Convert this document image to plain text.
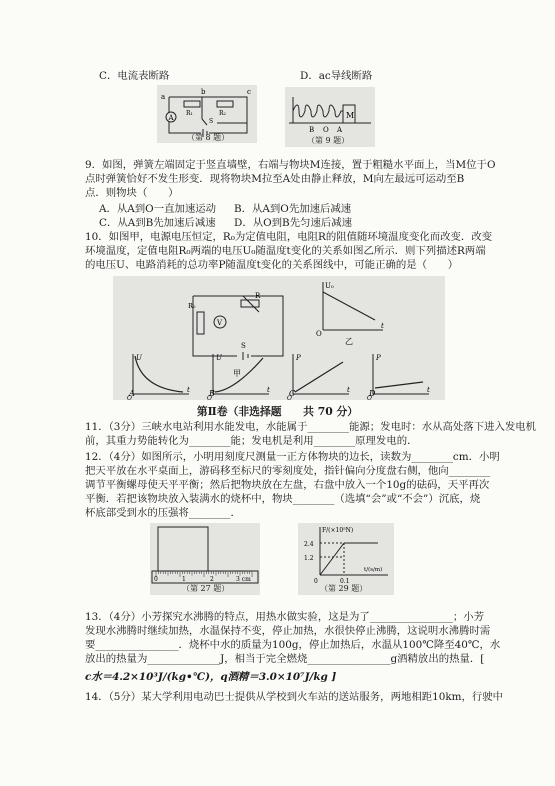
C．电流表断路	D．ac导线断路
A
a
b	c
R₁	R₂
S
（第 8 题）
M
B O A
（第 9 题）
9．如图，弹簧左端固定于竖直墙壁，右端与物块M连接，置于粗糙水平面上，当M位于O
点时弹簧恰好不发生形变．现将物块M拉至A处由静止释放，M向左最远可运动至B
点．则物块（　　）
A．从A到O一直加速运动 B．从A到O先加速后减速
C．从A到B先加速后减速 D．从O到B先匀速后减速
10．如图甲，电源电压恒定，R₀为定值电阻，电阻R的阻值随环境温度变化而改变．改变
环境温度，定值电阻R₀两端的电压U₀随温度t变化的关系如图乙所示．则下列描述R两端
的电压U、电路消耗的总功率P随温度t变化的关系图线中，可能正确的是（　　）
V
R₀
R
S
甲
U₀
t
O
乙
U
t
O
A
U
t
O
B
P
t
O
C
P
t
O
D
第Ⅱ卷（非选择题　　共 70 分）
11．（3分）三峡水电站利用水能发电，水能属于________能源；发电时：水从高处落下进入发电机
前，其重力势能转化为________能；发电机是利用________原理发电的．
12．（4分）如图所示，小明用刻度尺测量一正方体物块的边长，读数为________cm．小明
把天平放在水平桌面上，游码移至标尺的零刻度处，指针偏向分度盘右侧，他向________
调节平衡螺母使天平平衡；然后把物块放在左盘，右盘中放入一个10g的砝码，天平再次
平衡．若把该物块放入装满水的烧杯中，物块________（选填“会”或“不会”）沉底，烧
杯底部受到水的压强将________．
0	1	2	3 cm
（第 27 题）
F/(×10⁵N)
t/(s/m)
2.4
1.2
0	0.1
（第 29 题）
13．（4分）小芳探究水沸腾的特点，用热水做实验，这是为了________________；小芳
发现水沸腾时继续加热，水温保持不变，停止加热，水很快停止沸腾，这说明水沸腾时需
要________________．烧杯中水的质量为100g，停止加热后，水温从100℃降至40℃，水
放出的热量为______________J，相当于完全燃烧________________g酒精放出的热量．[
c水＝4.2×10³J/(kg•℃)，q酒精＝3.0×10⁷J/kg ]
14．（5分）某大学利用电动巴士提供从学校到火车站的送站服务，两地相距10km，行驶中
